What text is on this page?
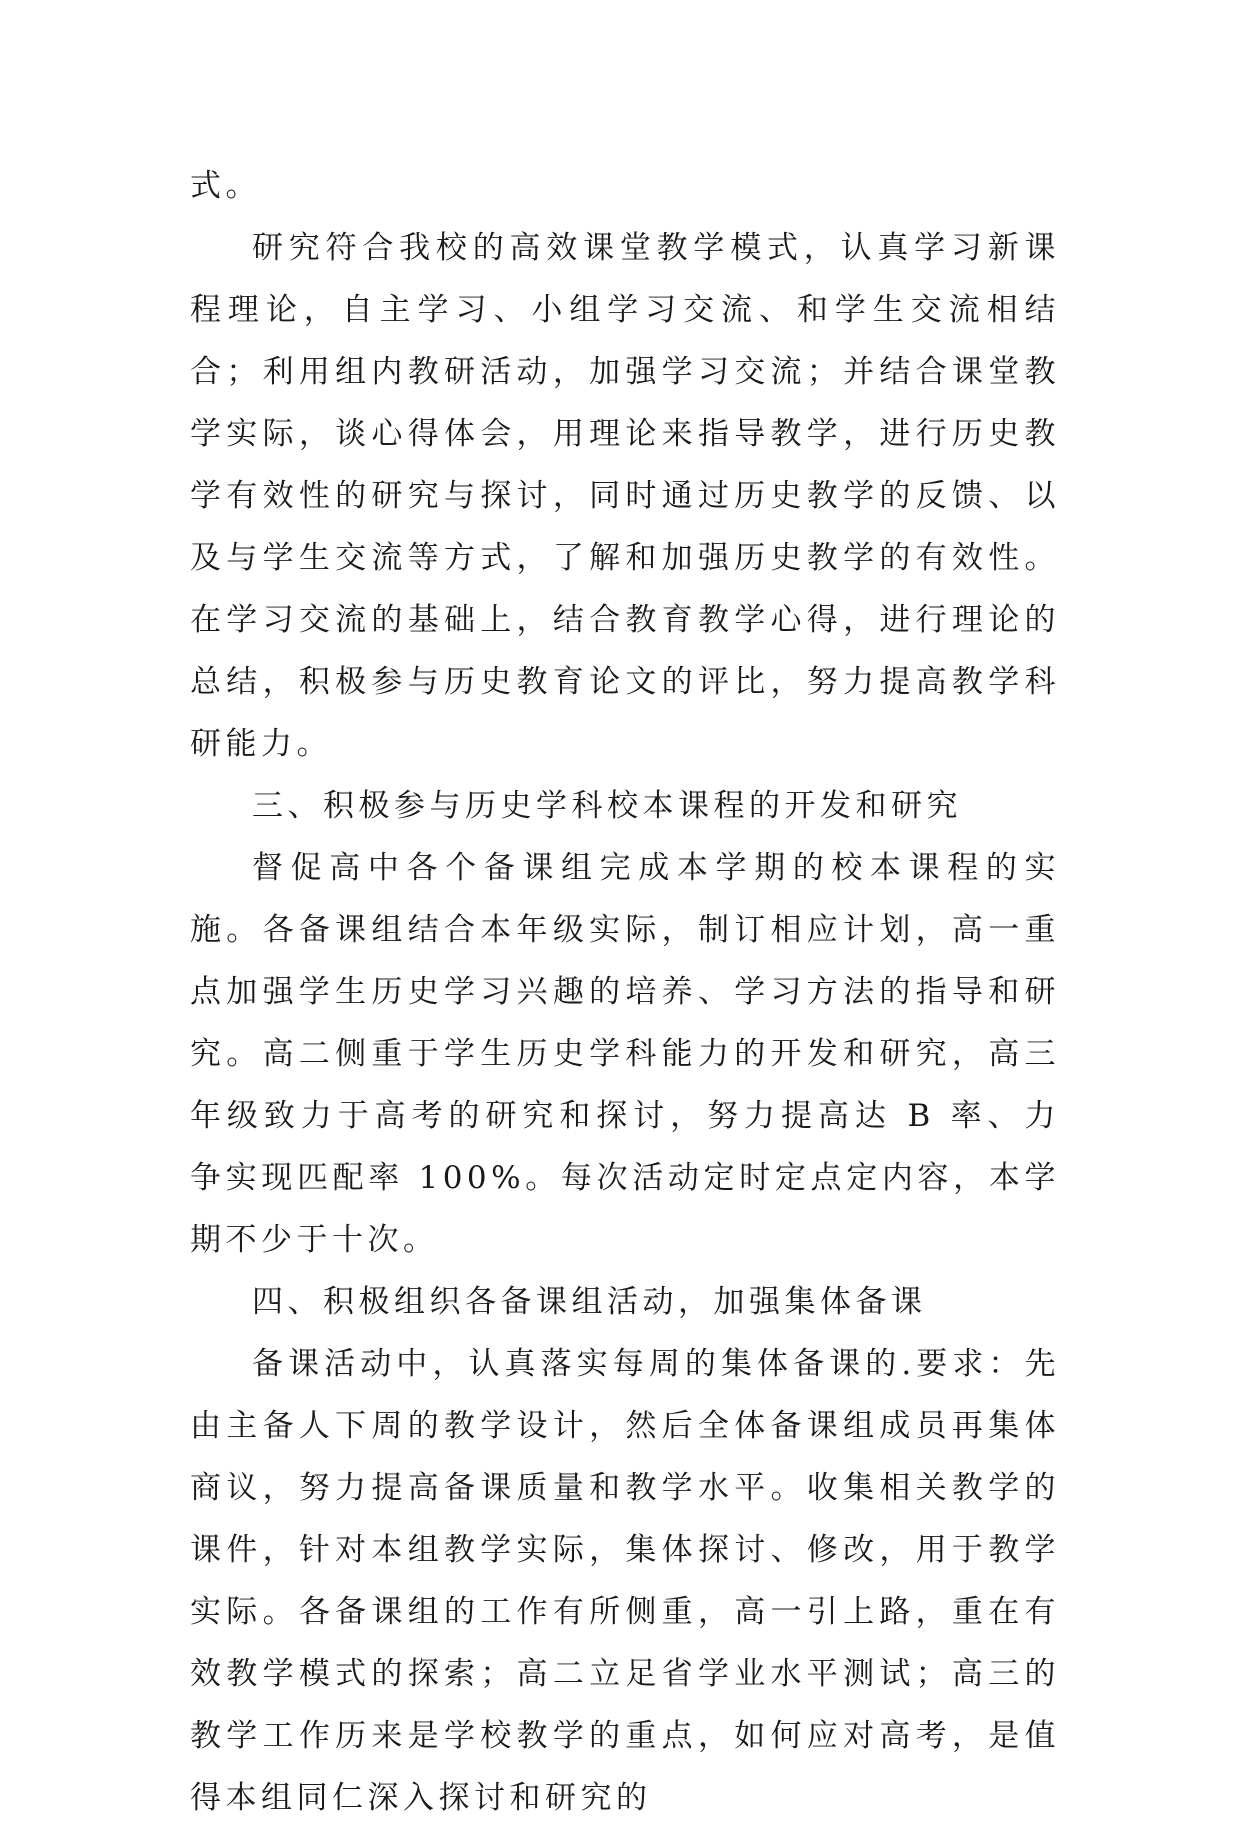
式。

研究符合我校的高效课堂教学模式，认真学习新课程理论，自主学习、小组学习交流、和学生交流相结合；利用组内教研活动，加强学习交流；并结合课堂教学实际，谈心得体会，用理论来指导教学，进行历史教学有效性的研究与探讨，同时通过历史教学的反馈、以及与学生交流等方式，了解和加强历史教学的有效性。在学习交流的基础上，结合教育教学心得，进行理论的总结，积极参与历史教育论文的评比，努力提高教学科研能力。

三、积极参与历史学科校本课程的开发和研究

督促高中各个备课组完成本学期的校本课程的实施。各备课组结合本年级实际，制订相应计划，高一重点加强学生历史学习兴趣的培养、学习方法的指导和研究。高二侧重于学生历史学科能力的开发和研究，高三年级致力于高考的研究和探讨，努力提高达 B 率、力争实现匹配率 100%。每次活动定时定点定内容，本学期不少于十次。

四、积极组织各备课组活动，加强集体备课

备课活动中，认真落实每周的集体备课的.要求：先由主备人下周的教学设计，然后全体备课组成员再集体商议，努力提高备课质量和教学水平。收集相关教学的课件，针对本组教学实际，集体探讨、修改，用于教学实际。各备课组的工作有所侧重，高一引上路，重在有效教学模式的探索；高二立足省学业水平测试；高三的教学工作历来是学校教学的重点，如何应对高考，是值得本组同仁深入探讨和研究的
